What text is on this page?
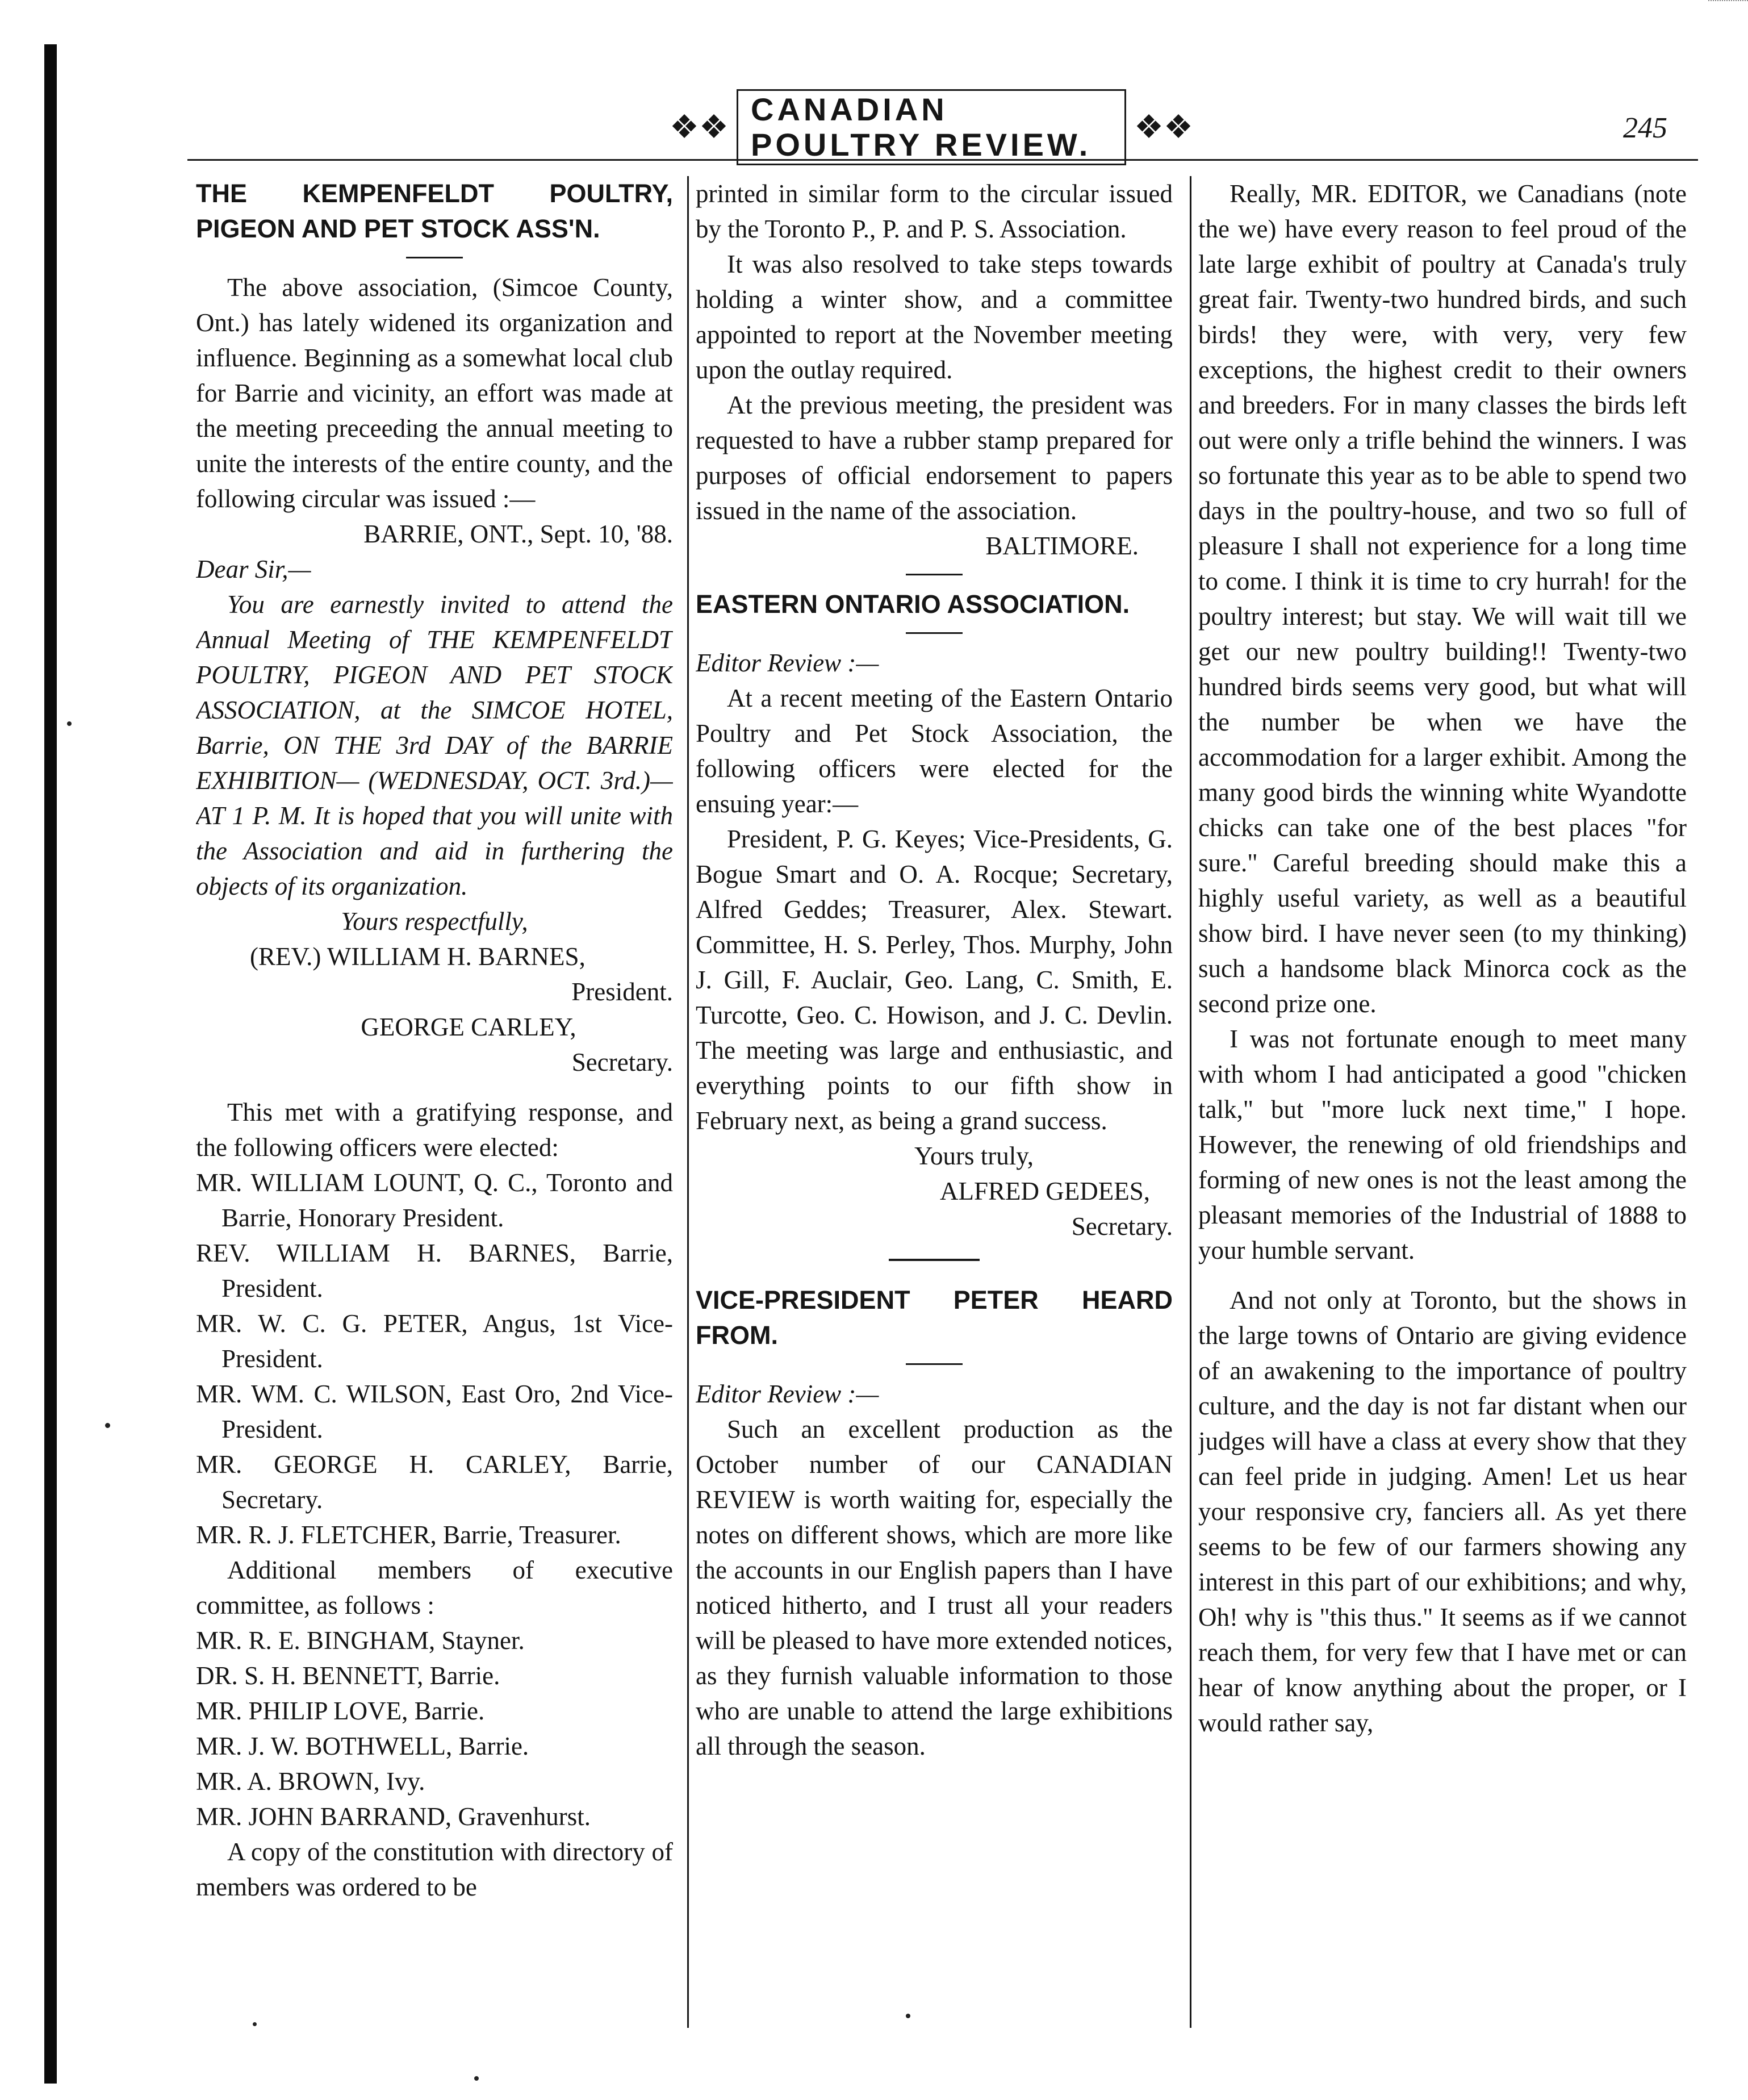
❖❖ CANADIAN POULTRY REVIEW.	❖❖	245

THE KEMPENFELDT POULTRY, PIGEON AND PET STOCK ASS'N.

The above association, (Simcoe County, Ont.) has lately widened its organization and influence. Beginning as a somewhat local club for Barrie and vicinity, an effort was made at the meeting preceeding the annual meeting to unite the interests of the entire county, and the following circular was issued :—

BARRIE, ONT., Sept. 10, '88.

Dear Sir,—

You are earnestly invited to attend the Annual Meeting of THE KEMPENFELDT POULTRY, PIGEON AND PET STOCK ASSOCIATION, at the SIMCOE HOTEL, Barrie, ON THE 3rd DAY of the BARRIE EXHIBITION— (WEDNESDAY, OCT. 3rd.)—AT 1 P. M. It is hoped that you will unite with the Association and aid in furthering the objects of its organization.

Yours respectfully,

(REV.) WILLIAM H. BARNES,

President.

GEORGE CARLEY,

Secretary.

This met with a gratifying response, and the following officers were elected:

MR. WILLIAM LOUNT, Q. C., Toronto and Barrie, Honorary President.

REV. WILLIAM H. BARNES, Barrie, President.

MR. W. C. G. PETER, Angus, 1st Vice-President.

MR. WM. C. WILSON, East Oro, 2nd Vice-President.

MR. GEORGE H. CARLEY, Barrie, Secretary.

MR. R. J. FLETCHER, Barrie, Treasurer.

Additional members of executive committee, as follows :

MR. R. E. BINGHAM, Stayner.

DR. S. H. BENNETT, Barrie.

MR. PHILIP LOVE, Barrie.

MR. J. W. BOTHWELL, Barrie.

MR. A. BROWN, Ivy.

MR. JOHN BARRAND, Gravenhurst.

A copy of the constitution with directory of members was ordered to be

printed in similar form to the circular issued by the Toronto P., P. and P. S. Association.

It was also resolved to take steps towards holding a winter show, and a committee appointed to report at the November meeting upon the outlay required.

At the previous meeting, the president was requested to have a rubber stamp prepared for purposes of official endorsement to papers issued in the name of the association.

BALTIMORE.

EASTERN ONTARIO ASSOCIATION.

Editor Review :—

At a recent meeting of the Eastern Ontario Poultry and Pet Stock Association, the following officers were elected for the ensuing year:—

President, P. G. Keyes; Vice-Presidents, G. Bogue Smart and O. A. Rocque; Secretary, Alfred Geddes; Treasurer, Alex. Stewart. Committee, H. S. Perley, Thos. Murphy, John J. Gill, F. Auclair, Geo. Lang, C. Smith, E. Turcotte, Geo. C. Howison, and J. C. Devlin. The meeting was large and enthusiastic, and everything points to our fifth show in February next, as being a grand success.

Yours truly,

ALFRED GEDEES,

Secretary.

VICE-PRESIDENT PETER HEARD FROM.

Editor Review :—

Such an excellent production as the October number of our CANADIAN REVIEW is worth waiting for, especially the notes on different shows, which are more like the accounts in our English papers than I have noticed hitherto, and I trust all your readers will be pleased to have more extended notices, as they furnish valuable information to those who are unable to attend the large exhibitions all through the season.

Really, MR. EDITOR, we Canadians (note the we) have every reason to feel proud of the late large exhibit of poultry at Canada's truly great fair. Twenty-two hundred birds, and such birds! they were, with very, very few exceptions, the highest credit to their owners and breeders. For in many classes the birds left out were only a trifle behind the winners. I was so fortunate this year as to be able to spend two days in the poultry-house, and two so full of pleasure I shall not experience for a long time to come. I think it is time to cry hurrah! for the poultry interest; but stay. We will wait till we get our new poultry building!! Twenty-two hundred birds seems very good, but what will the number be when we have the accommodation for a larger exhibit. Among the many good birds the winning white Wyandotte chicks can take one of the best places "for sure." Careful breeding should make this a highly useful variety, as well as a beautiful show bird. I have never seen (to my thinking) such a handsome black Minorca cock as the second prize one.

I was not fortunate enough to meet many with whom I had anticipated a good "chicken talk," but "more luck next time," I hope. However, the renewing of old friendships and forming of new ones is not the least among the pleasant memories of the Industrial of 1888 to your humble servant.

And not only at Toronto, but the shows in the large towns of Ontario are giving evidence of an awakening to the importance of poultry culture, and the day is not far distant when our judges will have a class at every show that they can feel pride in judging. Amen! Let us hear your responsive cry, fanciers all. As yet there seems to be few of our farmers showing any interest in this part of our exhibitions; and why, Oh! why is "this thus." It seems as if we cannot reach them, for very few that I have met or can hear of know anything about the proper, or I would rather say,
